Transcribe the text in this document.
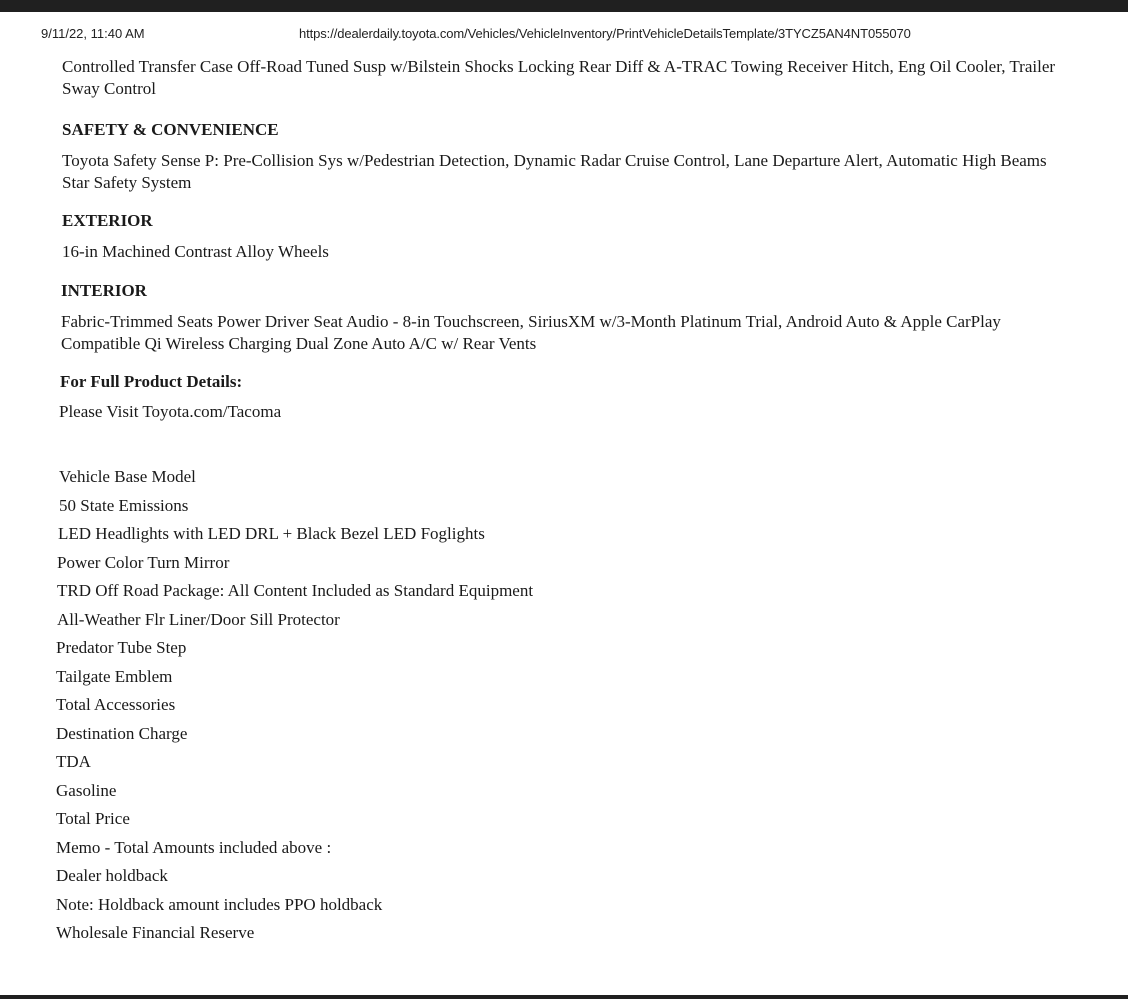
9/11/22, 11:40 AM	https://dealerdaily.toyota.com/Vehicles/VehicleInventory/PrintVehicleDetailsTemplate/3TYCZ5AN4NT055070

Controlled Transfer Case Off-Road Tuned Susp w/Bilstein Shocks Locking Rear Diff & A-TRAC Towing Receiver Hitch, Eng Oil Cooler, Trailer Sway Control

SAFETY & CONVENIENCE

Toyota Safety Sense P: Pre-Collision Sys w/Pedestrian Detection, Dynamic Radar Cruise Control, Lane Departure Alert, Automatic High Beams Star Safety System

EXTERIOR

16-in Machined Contrast Alloy Wheels

INTERIOR

Fabric-Trimmed Seats Power Driver Seat Audio - 8-in Touchscreen, SiriusXM w/3-Month Platinum Trial, Android Auto & Apple CarPlay Compatible Qi Wireless Charging Dual Zone Auto A/C w/ Rear Vents

For Full Product Details:

Please Visit Toyota.com/Tacoma

Vehicle Base Model
50 State Emissions
LED Headlights with LED DRL + Black Bezel LED Foglights
Power Color Turn Mirror
TRD Off Road Package: All Content Included as Standard Equipment
All-Weather Flr Liner/Door Sill Protector
Predator Tube Step
Tailgate Emblem
Total Accessories
Destination Charge
TDA
Gasoline
Total Price
Memo - Total Amounts included above :
Dealer holdback
Note: Holdback amount includes PPO holdback
Wholesale Financial Reserve
